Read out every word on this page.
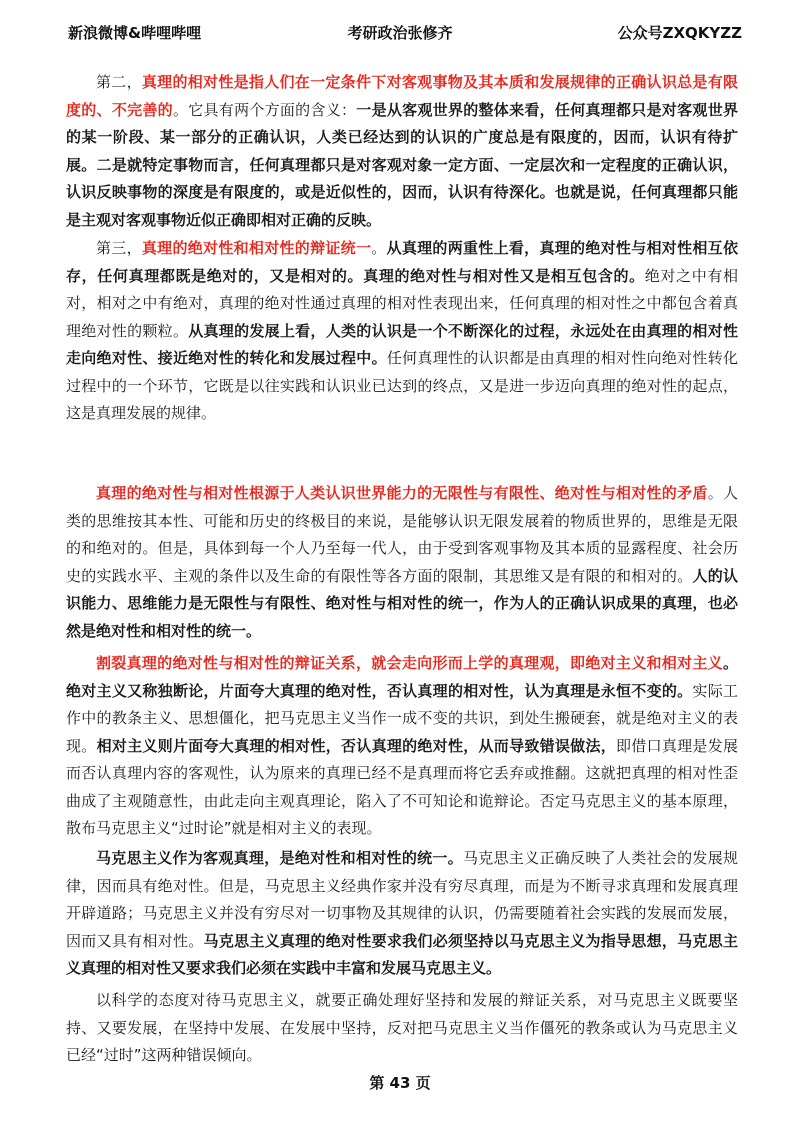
新浪微博&哔哩哔哩	考研政治张修齐	公众号ZXQKYZZ

第二，真理的相对性是指人们在一定条件下对客观事物及其本质和发展规律的正确认识总是有限度的、不完善的。它具有两个方面的含义：一是从客观世界的整体来看，任何真理都只是对客观世界的某一阶段、某一部分的正确认识，人类已经达到的认识的广度总是有限度的，因而，认识有待扩展。二是就特定事物而言，任何真理都只是对客观对象一定方面、一定层次和一定程度的正确认识，认识反映事物的深度是有限度的，或是近似性的，因而，认识有待深化。也就是说，任何真理都只能是主观对客观事物近似正确即相对正确的反映。

第三，真理的绝对性和相对性的辩证统一。从真理的两重性上看，真理的绝对性与相对性相互依存，任何真理都既是绝对的，又是相对的。真理的绝对性与相对性又是相互包含的。绝对之中有相对，相对之中有绝对，真理的绝对性通过真理的相对性表现出来，任何真理的相对性之中都包含着真理绝对性的颗粒。从真理的发展上看，人类的认识是一个不断深化的过程，永远处在由真理的相对性走向绝对性、接近绝对性的转化和发展过程中。任何真理性的认识都是由真理的相对性向绝对性转化过程中的一个环节，它既是以往实践和认识业已达到的终点，又是进一步迈向真理的绝对性的起点，这是真理发展的规律。

真理的绝对性与相对性根源于人类认识世界能力的无限性与有限性、绝对性与相对性的矛盾。人类的思维按其本性、可能和历史的终极目的来说，是能够认识无限发展着的物质世界的，思维是无限的和绝对的。但是，具体到每一个人乃至每一代人，由于受到客观事物及其本质的显露程度、社会历史的实践水平、主观的条件以及生命的有限性等各方面的限制，其思维又是有限的和相对的。人的认识能力、思维能力是无限性与有限性、绝对性与相对性的统一，作为人的正确认识成果的真理，也必然是绝对性和相对性的统一。

割裂真理的绝对性与相对性的辩证关系，就会走向形而上学的真理观，即绝对主义和相对主义。绝对主义又称独断论，片面夸大真理的绝对性，否认真理的相对性，认为真理是永恒不变的。实际工作中的教条主义、思想僵化，把马克思主义当作一成不变的共识，到处生搬硬套，就是绝对主义的表现。相对主义则片面夸大真理的相对性，否认真理的绝对性，从而导致错误做法，即借口真理是发展而否认真理内容的客观性，认为原来的真理已经不是真理而将它丢弃或推翻。这就把真理的相对性歪曲成了主观随意性，由此走向主观真理论，陷入了不可知论和诡辩论。否定马克思主义的基本原理，散布马克思主义“过时论”就是相对主义的表现。

马克思主义作为客观真理，是绝对性和相对性的统一。马克思主义正确反映了人类社会的发展规律，因而具有绝对性。但是，马克思主义经典作家并没有穷尽真理，而是为不断寻求真理和发展真理开辟道路；马克思主义并没有穷尽对一切事物及其规律的认识，仍需要随着社会实践的发展而发展，因而又具有相对性。马克思主义真理的绝对性要求我们必须坚持以马克思主义为指导思想，马克思主义真理的相对性又要求我们必须在实践中丰富和发展马克思主义。

以科学的态度对待马克思主义，就要正确处理好坚持和发展的辩证关系，对马克思主义既要坚持、又要发展，在坚持中发展、在发展中坚持，反对把马克思主义当作僵死的教条或认为马克思主义已经“过时”这两种错误倾向。

第 43 页
